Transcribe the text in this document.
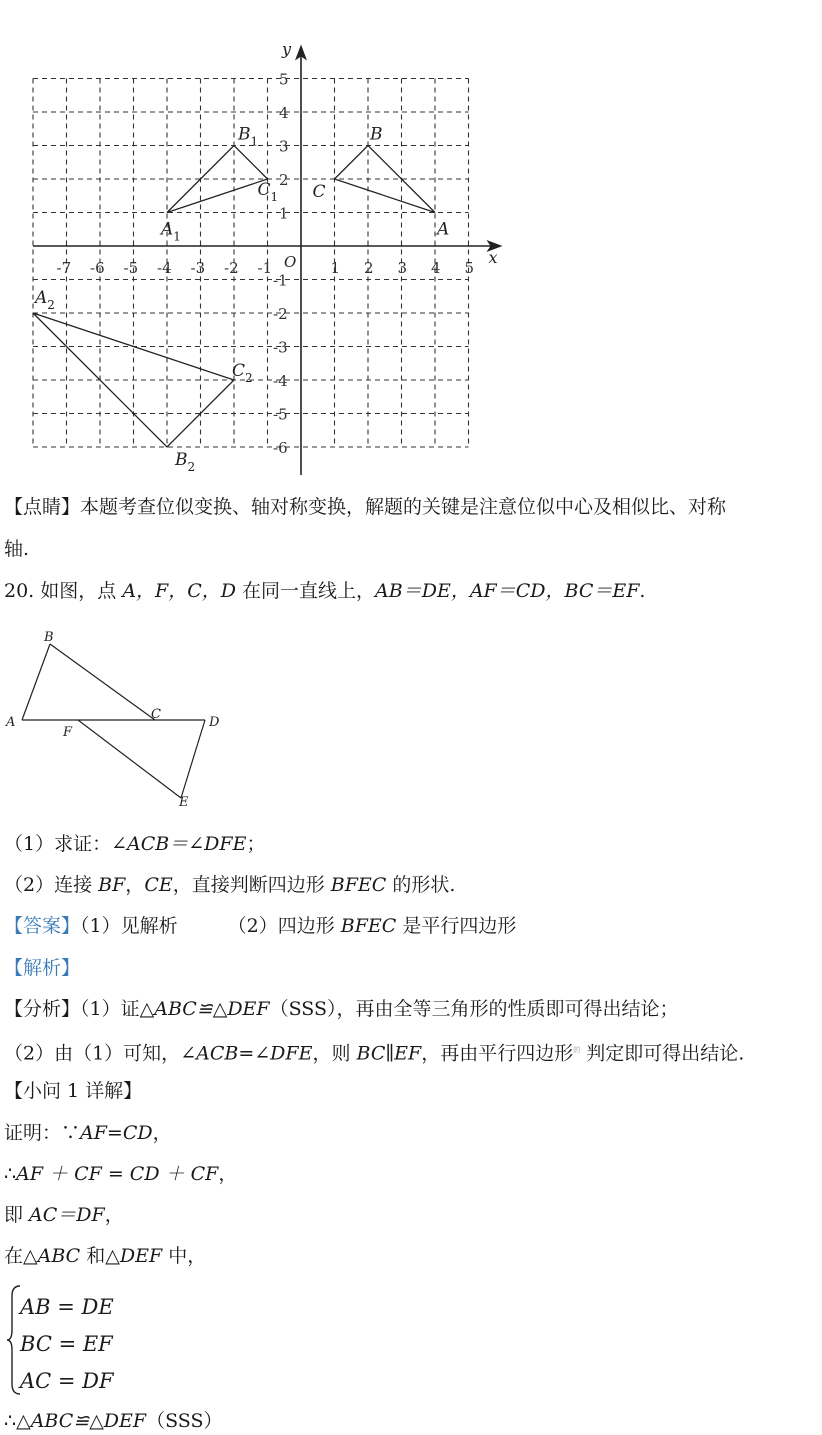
x
y
O
-7 -6 -5 -4 -3 -2 -1	1 2 3 4 5
5
4
3
2
1
-1
-2
-3
-4
-5
-6
A
B
C
$A_1$
$B_1$
$C_1$
$A_2$
$B_2$
$C_2$
【点睛】本题考查位似变换、轴对称变换，解题的关键是注意位似中心及相似比、对称
轴.
20. 如图，点 A，F，C，D 在同一直线上，AB＝DE，AF＝CD，BC＝EF.
B
A
F
C
D
E
（1）求证：∠ACB＝∠DFE；
（2）连接 BF，CE，直接判断四边形 BFEC 的形状.
【答案】（1）见解析	（2）四边形 BFEC 是平行四边形
【解析】
【分析】（1）证△ABC≌△DEF（SSS），再由全等三角形的性质即可得出结论；
（2）由（1）可知，∠ACB=∠DFE，则 BC∥EF，再由平行四边形$^的$ 判定即可得出结论.
【小问 1 详解】
证明：∵AF=CD，
∴AF ＋ CF = CD ＋ CF，
即 AC＝DF，
在△ABC 和△DEF 中，
AB = DE
BC = EF
AC = DF
∴△ABC≌△DEF（SSS）
